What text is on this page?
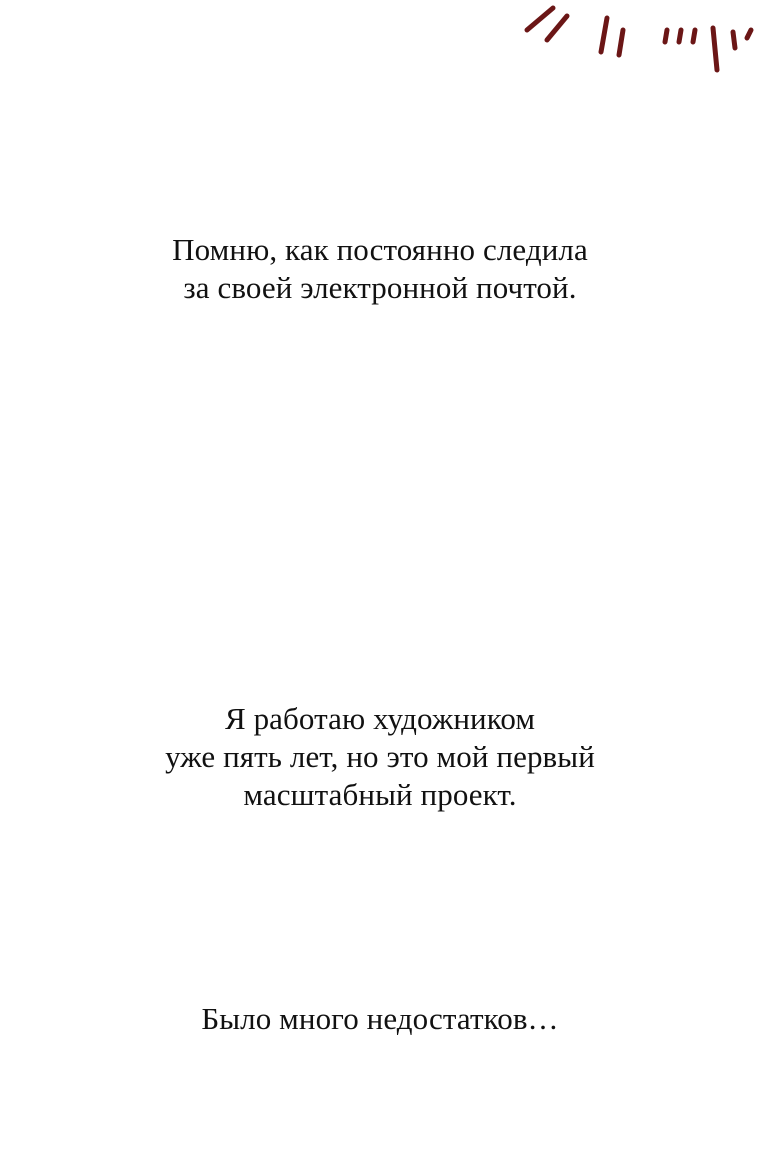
Помню, как постоянно следила
за своей электронной почтой.
Я работаю художником
уже пять лет, но это мой первый
масштабный проект.
Было много недостатков…
